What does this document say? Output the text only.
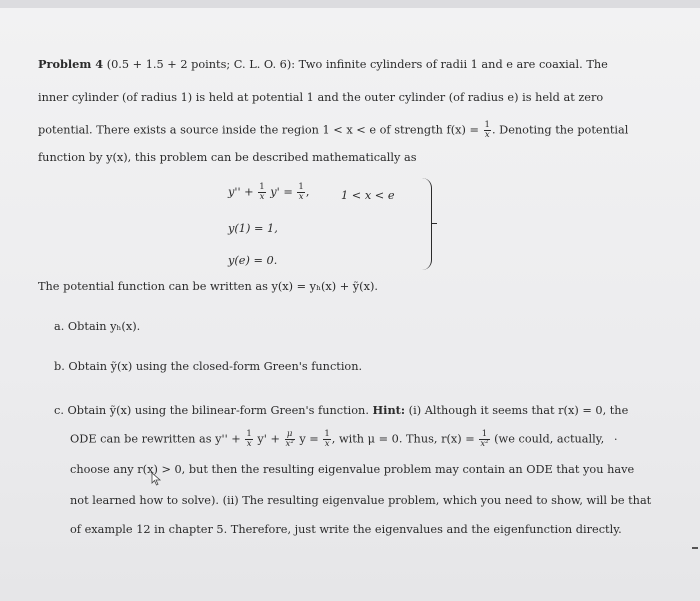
Problem 4 (0.5 + 1.5 + 2 points; C. L. O. 6): Two infinite cylinders of radii 1 and e are coaxial. The
inner cylinder (of radius 1) is held at potential 1 and the outer cylinder (of radius e) is held at zero
potential. There exists a source inside the region 1 < x < e of strength $f(x) = \frac{1}{x}$ . Denoting the potential
function by y(x), this problem can be described mathematically as
$y'' + \frac{1}{x} y' = \frac{1}{x}$ ,	1 < x < e
y(1) = 1,
y(e) = 0.
The potential function can be written as y(x) = yₕ(x) + ỹ(x).
a. Obtain yₕ(x).
b. Obtain ỹ(x) using the closed-form Green's function.
c. Obtain ỹ(x) using the bilinear-form Green's function. Hint: (i) Although it seems that r(x) = 0, the
ODE can be rewritten as $y'' + \frac{1}{x} y' + \frac{\mu}{\text{x²}}$ $y = \frac{1}{x}$ , with μ = 0. Thus, $r(x) = \frac{1}{\text{x²}} (we$ could, actually, ·
choose any r(x) > 0, but then the resulting eigenvalue problem may contain an ODE that you have
not learned how to solve). (ii) The resulting eigenvalue problem, which you need to show, will be that
of example 12 in chapter 5. Therefore, just write the eigenvalues and the eigenfunction directly.
